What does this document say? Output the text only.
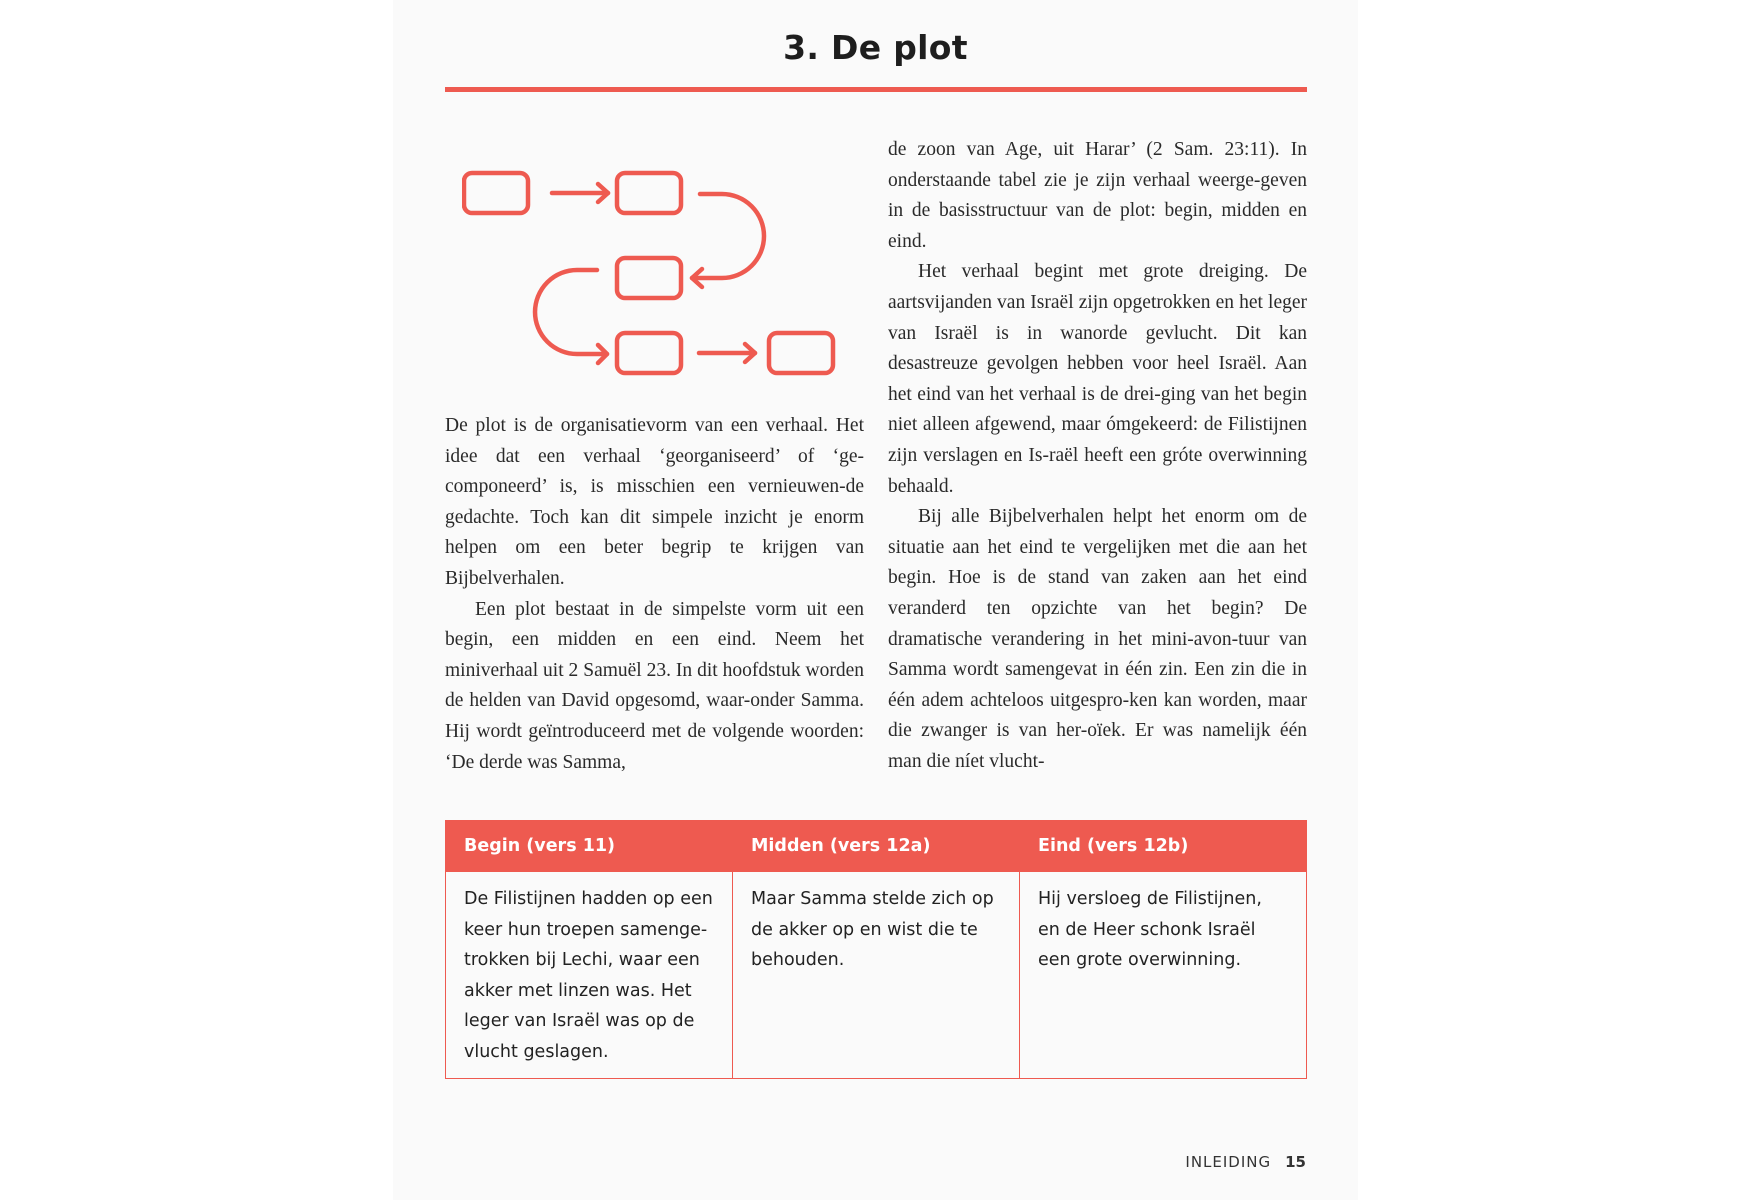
3. De plot

De plot is de organisatievorm van een verhaal. Het idee dat een verhaal ‘georganiseerd’ of ‘ge-componeerd’ is, is misschien een vernieuwen-de gedachte. Toch kan dit simpele inzicht je enorm helpen om een beter begrip te krijgen van Bijbelverhalen.

Een plot bestaat in de simpelste vorm uit een begin, een midden en een eind. Neem het miniverhaal uit 2 Samuël 23. In dit hoofdstuk worden de helden van David opgesomd, waar-onder Samma. Hij wordt geïntroduceerd met de volgende woorden: ‘De derde was Samma,

de zoon van Age, uit Harar’ (2 Sam. 23:11). In onderstaande tabel zie je zijn verhaal weerge-geven in de basisstructuur van de plot: begin, midden en eind.

Het verhaal begint met grote dreiging. De aartsvijanden van Israël zijn opgetrokken en het leger van Israël is in wanorde gevlucht. Dit kan desastreuze gevolgen hebben voor heel Israël. Aan het eind van het verhaal is de drei-ging van het begin niet alleen afgewend, maar ómgekeerd: de Filistijnen zijn verslagen en Is-raël heeft een gróte overwinning behaald.

Bij alle Bijbelverhalen helpt het enorm om de situatie aan het eind te vergelijken met die aan het begin. Hoe is de stand van zaken aan het eind veranderd ten opzichte van het begin? De dramatische verandering in het mini-avon-tuur van Samma wordt samengevat in één zin. Een zin die in één adem achteloos uitgespro-ken kan worden, maar die zwanger is van her-oïek. Er was namelijk één man die níet vlucht-

Begin (vers 11)	Midden (vers 12a)	Eind (vers 12b)
De Filistijnen hadden op een keer hun troepen samenge-trokken bij Lechi, waar een akker met linzen was. Het leger van Israël was op de vlucht geslagen.	Maar Samma stelde zich op de akker op en wist die te behouden.	Hij versloeg de Filistijnen, en de Heer schonk Israël een grote overwinning.
INLEIDING 15
